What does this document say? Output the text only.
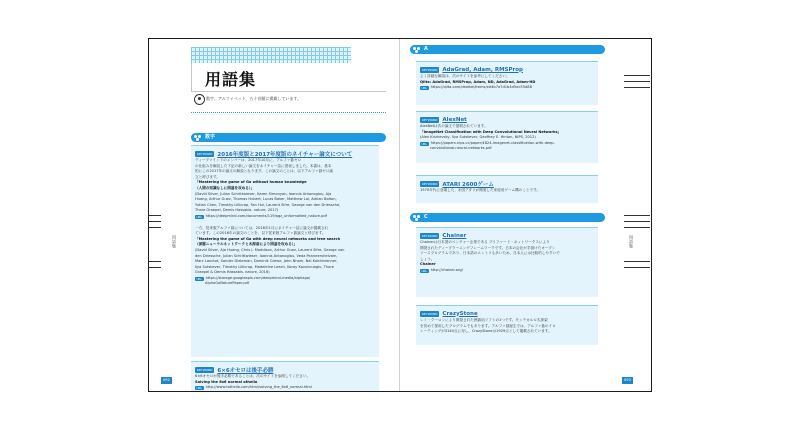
用語集
数字、アルファベット、五十音順に掲載しています。
数字
KEYWORD 2016年度版と2017年度版のネイチャー論文について
ディープマインドのメンバーは、2017年10月に、アルファ碁ゼロ
の仕組みを解説した下記の新しい論文をネイチャー誌に発表しました。本書は、基本
的にこの2017年の論文の解説となります。この論文のことは、以下アルファ碁ゼロ論
文と呼びます。
「Mastering the game of Go without human knowledge
（人間の知識なしに囲碁を攻める）」
(David Silver, Julian Schrittwieser, Karen Simonyan, Ioannis Antonoglou, Aja
Huang, Arthur Guez, Thomas Hubert, Lucas Baker, Matthew Lai, Adrian Bolton,
Yutian Chen, Timothy Lillicrap, Fan Hui, Laurent Sifre, George van den Driessche,
Thore Graepel, Demis Hassabis. nature, 2017)
URL https://deepmind.com/documents/119/agz_unformatted_nature.pdf
一方、従来版アルファ碁については、2016年1月にネイチャー誌に論文が掲載され
ています。この2016年の論文のことを、以下従来版アルファ碁論文と呼びます。
「Mastering the game of Go with deep neural networks and tree search
（深層ニューラルネットワークと木探索により囲碁を攻める）」
(David Silver, Aja Huang, Chris J. Maddison, Arthur Guez, Laurent Sifre, George van
den Driessche, Julian Schrittwieser, Ioannis Antonoglou, Veda Panneershelvam,
Marc Lanctot, Sander Dieleman, Dominik Grewe, John Nham, Nal Kalchbrenner,
Ilya Sutskever, Timothy Lillicrap, Madeleine Leach, Koray Kavukcuoglu, Thore
Graepel & Demis Hassabis. nature, 2016)
URL https://storage.googleapis.com/deepmind-media/alphago/
AlphaGoNaturePaper.pdf
KEYWORD 6×6オセロは後手必勝
6×6オセロが後手必勝であることは、次のサイトを参照してください。
Solving the 6x6 normal othello
URL http://www.tothello.com/html/solving_the_6x6_normal.html
用語集
092
A
KEYWORD AdaGrad, Adam, RMSProp
よく詳細な解説は、次のサイトを参考にしてください。
Qiita: AdaGrad, RMSProp, Adam, ND, AdaGrad, Adam-HD
URL https://qiita.com/deaikei/items/ed4b7a7d1b4d5dc55d88
KEYWORD AlexNet
AlexNetは次の論文で提唱されています。
「ImageNet Classification with Deep Convolutional Neural Networks」
(Alex Krizhevsky, Ilya Sutskever, Geoffrey E. Hinton, NIPS, 2012)
URL https://papers.nips.cc/paper/4824-imagenet-classification-with-deep-
convolutional-neural-networks.pdf
KEYWORD ATARI 2600ゲーム
1970年代に登場した、米国アタリが開発した家庭用ゲーム機のことです。
C
KEYWORD Chainer
Chainerは日本発のベンチャー企業である プリファード・ネットワークスにより
開発されたディープラーニングフレームワークです。日本の会社が手掛けたオープン
ソースプログラムであり、日本語のエントリも多いため、日本人には比較的しやすいで
しょう。
Chainer
URL http://chainer.org/
KEYWORD CrazyStone
レミ・クーロンにより開発された囲碁用ソフトの1つです。モンテカルロ木探索
を初めて採用したプログラムでもあります。アルファ碁誕生では、アルファ碁のイロ
レーティングが3140点に対し、CrazyStoneは1929点として掲載されています。
用語集
093
